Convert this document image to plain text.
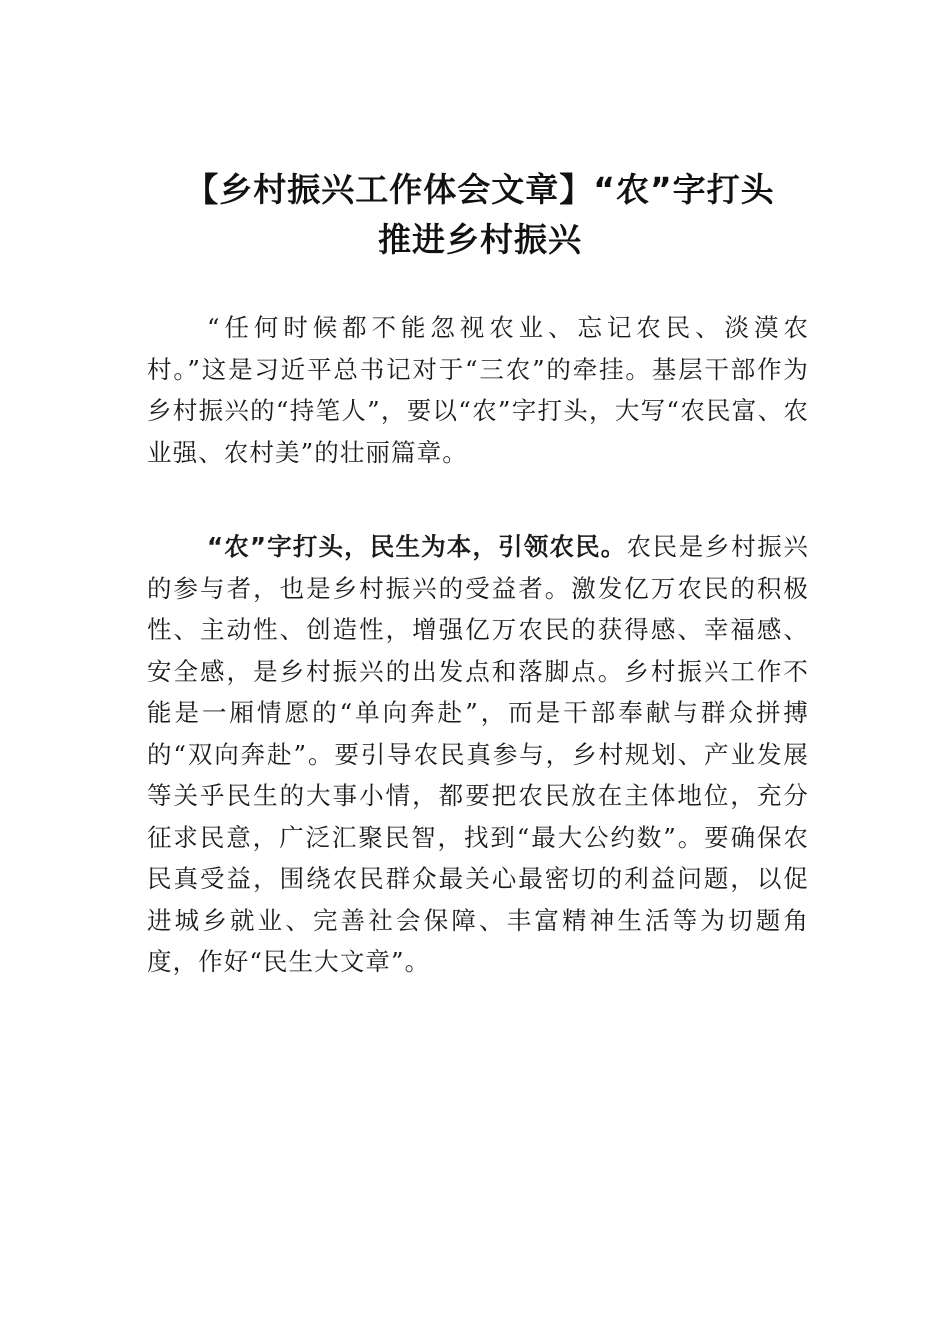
【乡村振兴工作体会文章】“农”字打头
推进乡村振兴
“任何时候都不能忽视农业、忘记农民、淡漠农村。”这是习近平总书记对于“三农”的牵挂。基层干部作为乡村振兴的“持笔人”，要以“农”字打头，大写“农民富、农业强、农村美”的壮丽篇章。
“农”字打头，民生为本，引领农民。农民是乡村振兴的参与者，也是乡村振兴的受益者。激发亿万农民的积极性、主动性、创造性，增强亿万农民的获得感、幸福感、安全感，是乡村振兴的出发点和落脚点。乡村振兴工作不能是一厢情愿的“单向奔赴”，而是干部奉献与群众拼搏的“双向奔赴”。要引导农民真参与，乡村规划、产业发展等关乎民生的大事小情，都要把农民放在主体地位，充分征求民意，广泛汇聚民智，找到“最大公约数”。要确保农民真受益，围绕农民群众最关心最密切的利益问题，以促进城乡就业、完善社会保障、丰富精神生活等为切题角度，作好“民生大文章”。
